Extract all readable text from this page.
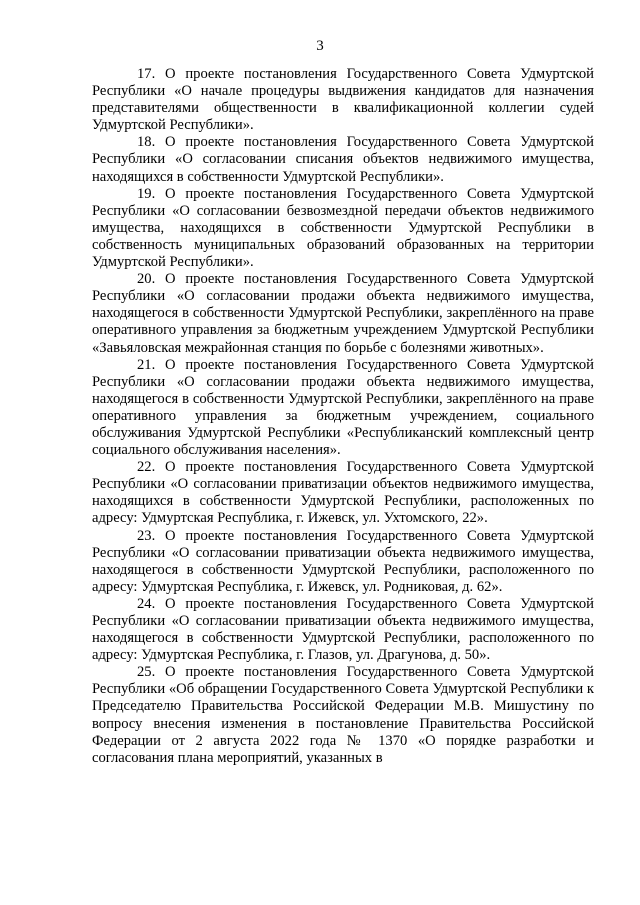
3

17. О проекте постановления Государственного Совета Удмуртской Республики «О начале процедуры выдвижения кандидатов для назначения представителями общественности в квалификационной коллегии судей Удмуртской Республики».

18. О проекте постановления Государственного Совета Удмуртской Республики «О согласовании списания объектов недвижимого имущества, находящихся в собственности Удмуртской Республики».

19. О проекте постановления Государственного Совета Удмуртской Республики «О согласовании безвозмездной передачи объектов недвижимого имущества, находящихся в собственности Удмуртской Республики в собственность муниципальных образований образованных на территории Удмуртской Республики».

20. О проекте постановления Государственного Совета Удмуртской Республики «О согласовании продажи объекта недвижимого имущества, находящегося в собственности Удмуртской Республики, закреплённого на праве оперативного управления за бюджетным учреждением Удмуртской Республики «Завьяловская межрайонная станция по борьбе с болезнями животных».

21. О проекте постановления Государственного Совета Удмуртской Республики «О согласовании продажи объекта недвижимого имущества, находящегося в собственности Удмуртской Республики, закреплённого на праве оперативного управления за бюджетным учреждением, социального обслуживания Удмуртской Республики «Республиканский комплексный центр социального обслуживания населения».

22. О проекте постановления Государственного Совета Удмуртской Республики «О согласовании приватизации объектов недвижимого имущества, находящихся в собственности Удмуртской Республики, расположенных по адресу: Удмуртская Республика, г. Ижевск, ул. Ухтомского, 22».

23. О проекте постановления Государственного Совета Удмуртской Республики «О согласовании приватизации объекта недвижимого имущества, находящегося в собственности Удмуртской Республики, расположенного по адресу: Удмуртская Республика, г. Ижевск, ул. Родниковая, д. 62».

24. О проекте постановления Государственного Совета Удмуртской Республики «О согласовании приватизации объекта недвижимого имущества, находящегося в собственности Удмуртской Республики, расположенного по адресу: Удмуртская Республика, г. Глазов, ул. Драгунова, д. 50».

25. О проекте постановления Государственного Совета Удмуртской Республики «Об обращении Государственного Совета Удмуртской Республики к Председателю Правительства Российской Федерации М.В. Мишустину по вопросу внесения изменения в постановление Правительства Российской Федерации от 2 августа 2022 года № 1370 «О порядке разработки и согласования плана мероприятий, указанных в
